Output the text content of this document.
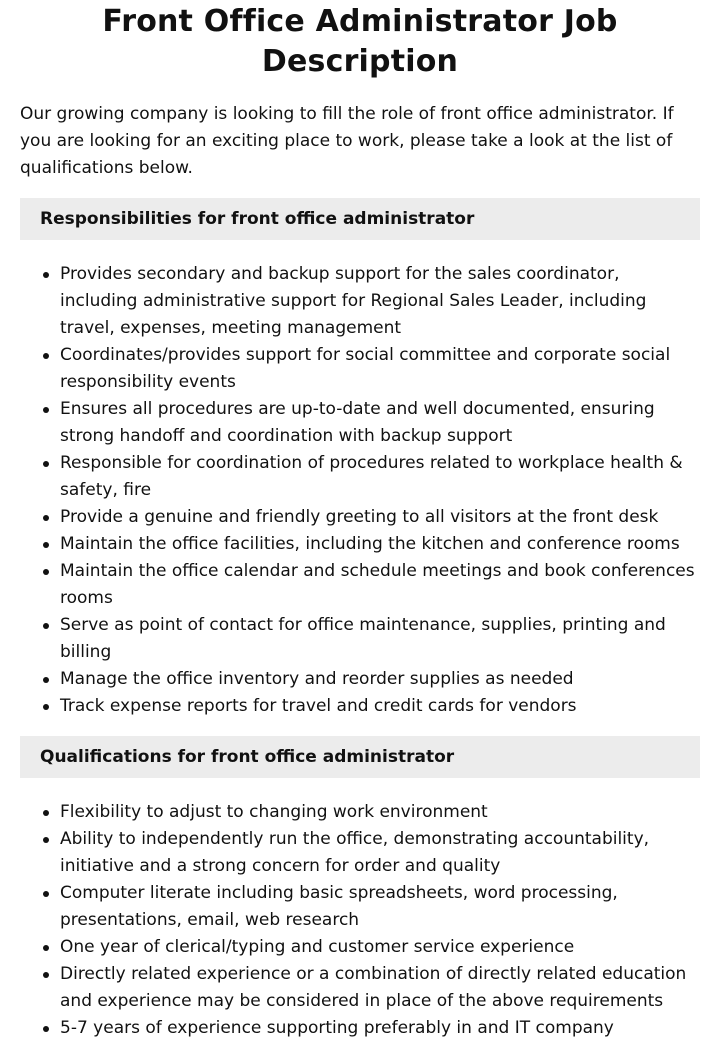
Front Office Administrator Job Description

Our growing company is looking to fill the role of front office administrator. If you are looking for an exciting place to work, please take a look at the list of qualifications below.

Responsibilities for front office administrator
Provides secondary and backup support for the sales coordinator, including administrative support for Regional Sales Leader, including travel, expenses, meeting management
Coordinates/provides support for social committee and corporate social responsibility events
Ensures all procedures are up-to-date and well documented, ensuring strong handoff and coordination with backup support
Responsible for coordination of procedures related to workplace health & safety, fire
Provide a genuine and friendly greeting to all visitors at the front desk
Maintain the office facilities, including the kitchen and conference rooms
Maintain the office calendar and schedule meetings and book conferences rooms
Serve as point of contact for office maintenance, supplies, printing and billing
Manage the office inventory and reorder supplies as needed
Track expense reports for travel and credit cards for vendors
Qualifications for front office administrator
Flexibility to adjust to changing work environment
Ability to independently run the office, demonstrating accountability, initiative and a strong concern for order and quality
Computer literate including basic spreadsheets, word processing, presentations, email, web research
One year of clerical/typing and customer service experience
Directly related experience or a combination of directly related education and experience may be considered in place of the above requirements
5-7 years of experience supporting preferably in and IT company
